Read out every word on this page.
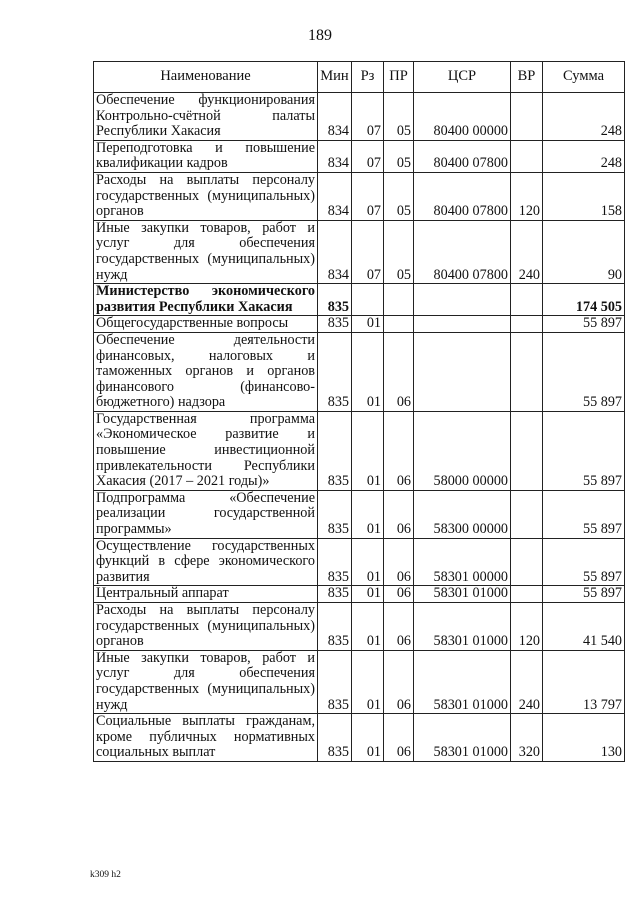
189
Наименование	Мин	Рз	ПР	ЦСР	ВР	Сумма
Обеспечение функционирования Контрольно-счётной палаты Республики Хакасия	834	07	05	80400 00000		248
Переподготовка и повышение квалификации кадров	834	07	05	80400 07800		248
Расходы на выплаты персоналу государственных (муниципальных) органов	834	07	05	80400 07800	120	158
Иные закупки товаров, работ и услуг для обеспечения государственных (муниципальных) нужд	834	07	05	80400 07800	240	90
Министерство экономического развития Республики Хакасия	835					174 505
Общегосударственные вопросы	835	01				55 897
Обеспечение деятельности финансовых, налоговых и таможенных органов и органов финансового (финансово-бюджетного) надзора	835	01	06			55 897
Государственная программа «Экономическое развитие и повышение инвестиционной привлекательности Республики Хакасия (2017 – 2021 годы)»	835	01	06	58000 00000		55 897
Подпрограмма «Обеспечение реализации государственной программы»	835	01	06	58300 00000		55 897
Осуществление государственных функций в сфере экономического развития	835	01	06	58301 00000		55 897
Центральный аппарат	835	01	06	58301 01000		55 897
Расходы на выплаты персоналу государственных (муниципальных) органов	835	01	06	58301 01000	120	41 540
Иные закупки товаров, работ и услуг для обеспечения государственных (муниципальных) нужд	835	01	06	58301 01000	240	13 797
Социальные выплаты гражданам, кроме публичных нормативных социальных выплат	835	01	06	58301 01000	320	130
k309 h2
